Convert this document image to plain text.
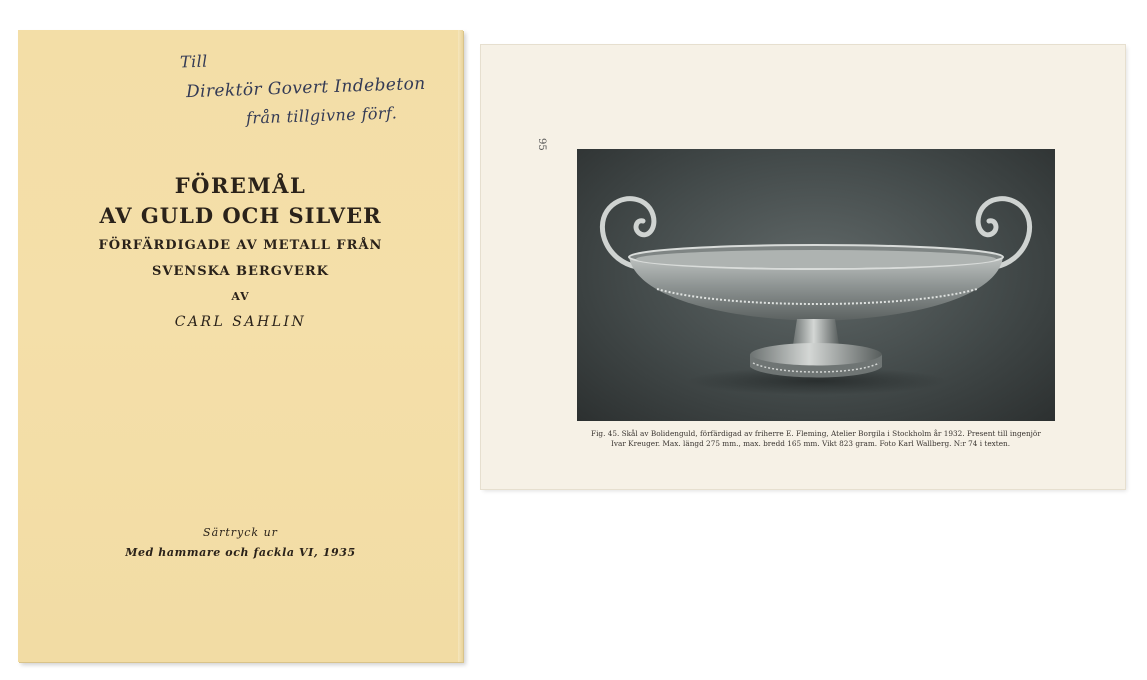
Till
Direktör Govert Indebeton
från tillgivne förf.
FÖREMÅL
AV GULD OCH SILVER
FÖRFÄRDIGADE AV METALL FRÅN
SVENSKA BERGVERK
AV
CARL SAHLIN
Särtryck ur
Med hammare och fackla VI, 1935
95
Fig. 45. Skål av Bolidenguld, förfärdigad av friherre E. Fleming, Atelier Borgila i Stockholm år 1932. Present till ingenjör
Ivar Kreuger. Max. längd 275 mm., max. bredd 165 mm. Vikt 823 gram. Foto Karl Wallberg. N:r 74 i texten.
